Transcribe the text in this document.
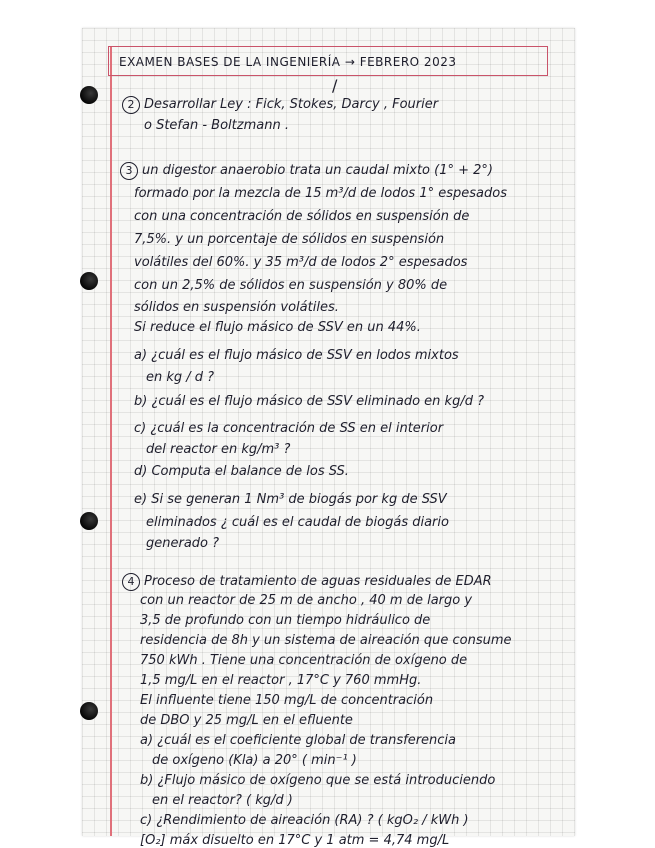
EXAMEN BASES DE LA INGENIERÍA → FEBRERO 2023
/
2 Desarrollar Ley : Fick, Stokes, Darcy , Fourier
o Stefan - Boltzmann .
3 un digestor anaerobio trata un caudal mixto (1° + 2°)
formado por la mezcla de 15 m³/d de lodos 1° espesados
con una concentración de sólidos en suspensión de
7,5%. y un porcentaje de sólidos en suspensión
volátiles del 60%. y 35 m³/d de lodos 2° espesados
con un 2,5% de sólidos en suspensión y 80% de
sólidos en suspensión volátiles.
Si reduce el flujo másico de SSV en un 44%.
a) ¿cuál es el flujo másico de SSV en lodos mixtos
en kg / d ?
b) ¿cuál es el flujo másico de SSV eliminado en kg/d ?
c) ¿cuál es la concentración de SS en el interior
del reactor en kg/m³ ?
d) Computa el balance de los SS.
e) Si se generan 1 Nm³ de biogás por kg de SSV
eliminados ¿ cuál es el caudal de biogás diario
generado ?
4 Proceso de tratamiento de aguas residuales de EDAR
con un reactor de 25 m de ancho , 40 m de largo y
3,5 de profundo con un tiempo hidráulico de
residencia de 8h y un sistema de aireación que consume
750 kWh . Tiene una concentración de oxígeno de
1,5 mg/L en el reactor , 17°C y 760 mmHg.
El influente tiene 150 mg/L de concentración
de DBO y 25 mg/L en el efluente
a) ¿cuál es el coeficiente global de transferencia
de oxígeno (Kla) a 20° ( min⁻¹ )
b) ¿Flujo másico de oxígeno que se está introduciendo
en el reactor? ( kg/d )
c) ¿Rendimiento de aireación (RA) ? ( kgO₂ / kWh )
[O₂] máx disuelto en 17°C y 1 atm = 4,74 mg/L
